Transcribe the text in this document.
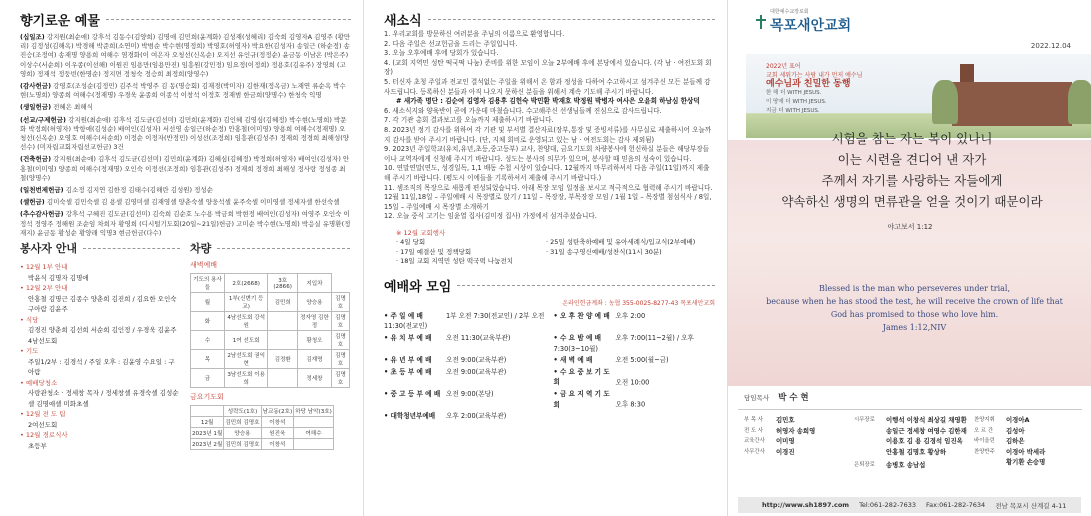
향기로운 예물
(십일조) 강지원(최순애) 강후석 김동수(김양희) 김명애 김민희(윤계화) 김성재(성혜리) 김숙희 김영자A 김영주 (황만리) 김정성(김해옥) 박경해 박준희(소연미) 박범순 박수현(명정희) 박영호(허영자) 박요한(김성자) 송일근 (하순정) 송진승(조정여) 송재명 양용희 여해수 염경화(이 여은자 오청선(신옥순) 오지선 유인규(정정순) 윤금동 이남온 (박은주) 이상수(서순희) 이우종(이선해) 이원진 임용만(임용만진) 임흥원(강민정) 임요정(이정희) 정용호(김유주) 장영희 (고영희) 정재석 정둥빈(한명순) 정지면 정청숙 정승희 최정희(양영수)
(감사헌금) 강영호(조성순(김정민) 김주석 박영주 김 동(명승회) 김재경(박미자) 김한재(정옥금) 노재연 류순옥 박수현(노명희) 양종희 여해수(정재명) 우경욱 윤종희 이종석 이창석 이정호 정재범 한금희(양명수) 한청숙 익명
(생일헌금) 전혜은 최해식
(선교/구제헌금) 강지원(최순애) 김후석 김도균(김선미) 김민희(윤계화) 김인혜 김영심(김혜정) 박수현(노명희) 박문화 박정희(허영자) 박항애(김성순) 배여인(김성자) 서선영 송일근(하순정) 안홍철(이미영) 양용희 여해수(정재명) 오청선(신옥순) 오영호 여해수(서순희) 이정순 이정자(반정민) 이성선(조정희) 임흥관(김성주) 정재희 정경희 최해성(양선수) (미자립교회자립선교헌금) 3건
(건축헌금) 강지원(최순애) 김후석 김도균(김선미) 김민희(윤계화) 김혜심(김혜정) 박정희(허영자) 배여인(김성자) 안홍철(이미영) 양종희 여해수(정재명) 오인숙 이정선(조정희) 임흥관(김성주) 정재희 정경희 최해성 정사랑 정성종 최철(양명수)
(일천번제헌금) 김소정 김지연 김한정 김태수(김해란 김성원) 정성순
(셀헌금) 김미숙셀 김민숙셀 김 용셀 김영미셀 김재영셀 양춘숙셀 양웅석셀 윤주숙셀 이미영셀 정세자셀 한선숙셀
(추수감사헌금) 강후석 구혜진 김도균(김선미) 김숙희 김순호 노수용 박금희 박현정 배여인(김성자) 여영주 오인숙 이정석 정영주 정해원 조순임 차희자 황영희 (디시털기도회(20일~21일)헌금) 고미순 박수현(노명희) 박응실 유명환(정재지) 윤금동 황성순 황양래 익명3 현금헌금(다수)
봉사자 안내
• 12월 1부 안내
박윤식 김명자 김명애
• 12월 2부 안내
안홍철 김명근 김종수 양춘희 김진희 / 김요한 오인숙 구아람 김윤주
• 식당
김경진 양춘희 김선희 서순희 김인정 / 우경욱 김윤주 4남선도회
• 기도
주일1/2부 : 김경석 / 주일 오후 : 김윤영 수요일 : 구아람
• 예배당청소
사랑관청소 · 정세창 목자 / 정세창셀 유경숙셀 김성순셀 김명애셀 미화초셀
• 12월 전 도 팀
2여선도회
• 12월 경로식사
초등부
차량
새벽예배
기도의 용사들	2호(2668)	3호(2866)	지입차	
월	1부(신변기 등교)	김민희	양승용	김명호
화	4남선도회 강석원		정자영 김한정	김명호
수	1여 선도회		황청오	김명호
목	2남선도회 권익현	김정환	김재명	김명호
금	3남선도회 이용희		정세창	김명호
금요기도회
	성락도(1호)	남교동(2호)	하당 남악(3호)
12월	김민희 김명호	이창석	
2023년 1월	양승용	원진욱	여해수
2023년 2월	김민희 김명호	이창석	
새소식
1. 우리교회를 방문하신 여러분을 주님의 이름으로 환영합니다.
2. 다음 주일은 선교헌금을 드리는 주일입니다.
3. 오늘 오후예배 후에 당회가 있습니다.
4. (교회 지역민 성탄 떡국떡 나눔) 준비를 위한 모임이 오늘 2부예배 후에 본당에서 있습니다. (각 남 · 여전도회 회장)
5. 터신자 초청 주일과 전교인 결석없는 주일을 위해서 온 함과 정성을 다하여 수고하시고 섬겨주신 모든 분들께 감사드립니다. 등록하신 분들과 아직 나오지 못하신 분들을 위해서 계속 기도해 주시기 바랍니다.
# 새가족 명단 : 김순여 김영자 김용후 김헌숙 박민환 박재호 박정원 박병자 여사은 오윤희 하남심 한상덕
6. 새소식지와 양육반이 곧에 가운데 마쳤습니다. 수고해주신 선생님들께 진심으로 감사드립니다.
7. 각 기관 총회 결과보고를 오늘까지 제출하시기 바랍니다.
8. 2023년 정기 감사를 위하여 각 기관 및 부서별 결산자료(장부,통장 및 증빙서류)를 사무실로 제출하시어 오늘까지 감사를 받아 주시기 바랍니다. (단, 지체 회비로 운영되고 있는 남 · 여전도회는 감사 제외됨)
9. 2023년 주일학교(유치,유년,초등,중고등부) 교사, 찬양대, 금요기도회 차량봉사에 헌신하실 분들은 해당부장들이나 교역자에게 신청해 주시기 바랍니다. 성도는 봉사의 의무가 있으며, 봉사할 때 믿음의 성숙이 있습니다.
10. 연말연말(연도, 성경일독, 1,1 배동 수첩 시상이 있습니다. 12월까지 마무리하셔서 다음 주일(11일)까지 제출해 주시기 바랍니다. (평도시 이에들을 기록하셔서 제출해 주시기 바랍니다.)
11. 셈조직의 목장으로 새롭게 편성되었습니다. 아래 목장 모임 일정을 보시고 적극적으로 협력해 주시기 바랍니다. 12월 11일,18일 – 주일예배 시 목장별로 앉기 / 11일 – 목장장, 부목장장 모임 / 1월 1일 – 목장별 첨섬식사 / 8일, 15일 – 주일예배 시 목장별 소개하기
12. 오늘 중식 고기는 임윤열 집사(김미정 집사) 가정에서 섬겨주셨습니다.
※ 12월 교회행사
· 4일 당회
· 17일 예결산 및 정책당회
· 18일 교회 지역민 성탄 떡국떡 나눔전치
· 25일 성탄축하예배 및 유아세례식/입교식(2부예배)
· 31일 송구영신예배/성찬식(11시 30분)
예배와 모임
온라인헌금계좌 : 농협 355-0025-8277-43 목포새안교회
• 주 일 예 배	1부 오전 7:30(전교인) / 2부 오전 11:30(전교인)
• 오 후 찬 양 예 배 오후 2:00
• 유 치 부 예 배 오전 11:30(교육부관)	• 수 요 밤 예 배 오후 7:00(11~2월) / 오후 7:30(3~10월)
• 유 년 부 예 배 오전 9:00(교육부관)	• 새 벽 예 배	오전 5:00(월~금)
• 초 등 부 예 배 오전 9:00(교육부관)	• 수 요 중 보 기 도 회	오전 10:00
• 중 고 등 부 예 배 오전 9:00(본당)	• 금 요 지 역 기 도 회	오후 8:30
• 대학청년부예배 오후 2:00(교육부관)
대한예수교장로회
목포새안교회
2022.12.04
2022년 표어
교회 세워가는 사람 내가 먼저 예수님
예수님과 친밀한 동행
한 해 더 WITH JESUS.
이 땅에 더 WITH JESUS.
지금 더 WITH JESUS.
시험을 참는 자는 복이 있나니
이는 시련을 견디어 낸 자가
주께서 자기를 사랑하는 자들에게
약속하신 생명의 면류관을 얻을 것이기 때문이라
야고보서 1:12
Blessed is the man who perseveres under trial,
because when he has stood the test, he will receive the crown of life that
God has promised to those who love him.
James 1:12,NIV
담임목사 박 수 현
부 목 사	김민호
전 도 사	허영자 송희영
교육간사	이미영
사무간사	이경진
시무장로	이행석 이창석 최상길 채영환
송일근 정세창 여영수 김한재
이용호 김 용 김경석 임진옥
안홍철 김명호 황상하
은퇴장로	송병호 송남섭
찬양지휘	이경아A
오 르 간	김성아
바이올린	김하은
찬양반주	이경아 박세라
황기환 손승명
http://www.sh1897.com Tel:061-282-7633 Fax:061-282-7634 전남 목포시 산계길 4-11
